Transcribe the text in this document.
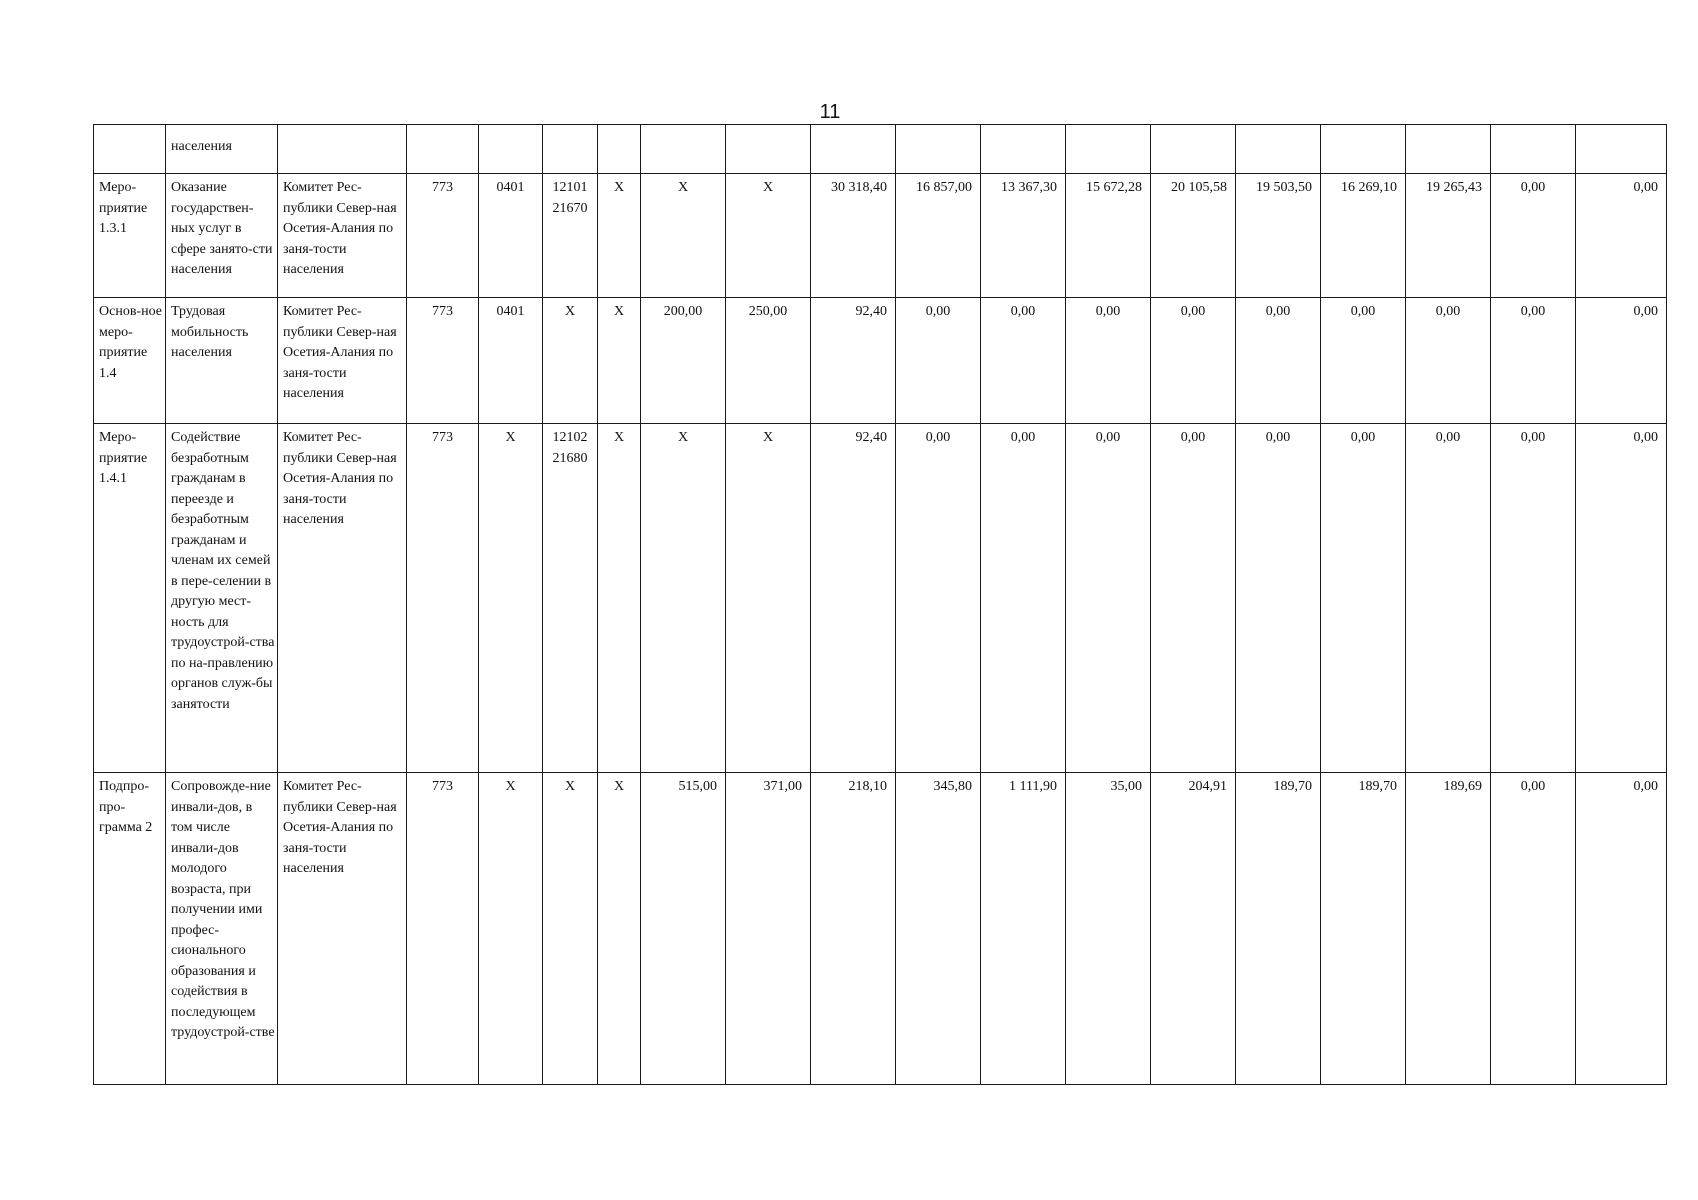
11
	населения																	
Меро-приятие 1.3.1	Оказание государствен-ных услуг в сфере занято-сти населения	Комитет Рес-публики Север-ная Осетия-Алания по заня-тости населения	773	0401	12101 21670	X	X	X	30 318,40	16 857,00	13 367,30	15 672,28	20 105,58	19 503,50	16 269,10	19 265,43	0,00	0,00
Основ-ное меро-приятие 1.4	Трудовая мобильность населения	Комитет Рес-публики Север-ная Осетия-Алания по заня-тости населения	773	0401	X	X	200,00	250,00	92,40	0,00	0,00	0,00	0,00	0,00	0,00	0,00	0,00	0,00
Меро-приятие 1.4.1	Содействие безработным гражданам в переезде и безработным гражданам и членам их семей в пере-селении в другую мест-ность для трудоустрой-ства по на-правлению органов служ-бы занятости	Комитет Рес-публики Север-ная Осетия-Алания по заня-тости населения	773	X	12102 21680	X	X	X	92,40	0,00	0,00	0,00	0,00	0,00	0,00	0,00	0,00	0,00
Подпро-про-грамма 2	Сопровожде-ние инвали-дов, в том числе инвали-дов молодого возраста, при получении ими профес-сионального образования и содействия в последующем трудоустрой-стве	Комитет Рес-публики Север-ная Осетия-Алания по заня-тости населения	773	X	X	X	515,00	371,00	218,10	345,80	1 111,90	35,00	204,91	189,70	189,70	189,69	0,00	0,00
